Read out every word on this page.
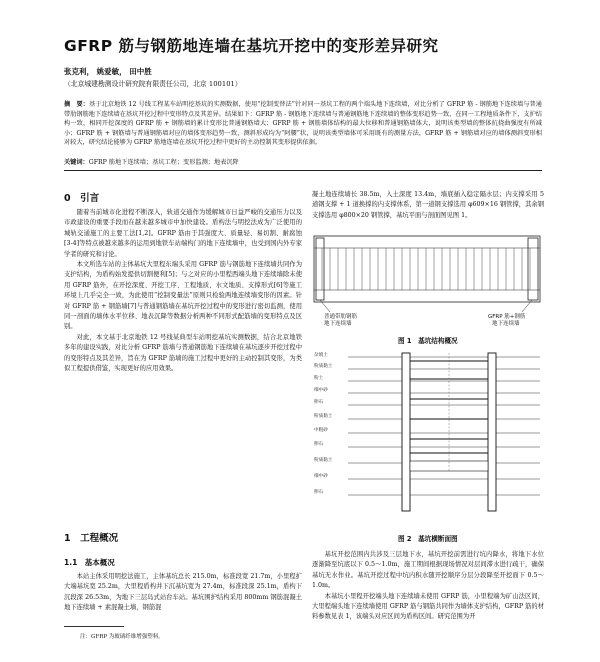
GFRP 筋与钢筋地连墙在基坑开挖中的变形差异研究
张克利， 姚爱敏， 田中胜
（北京城建勘测设计研究院有限责任公司，北京 100101）
摘　要：基于北京地铁 12 号线工程某车站明挖基坑的实测数据，使用“挖制变替法”针对同一基坑工程的两个端头地下连续墙，对比分析了 GFRP 筋 - 钢筋地下连续墙与普通带肋钢筋地下连续墙在基坑开挖过程中变形特点及其差异。结果如下：GFRP 筋 - 钢筋地下连续墙与普通钢筋地下连续墙的整体变形趋势一致，在同一工程地质条件下，支护结构一致，相同开挖深度的 GFRP 筋 + 钢筋墙的累计变形比普通钢筋墙大；GFRP 筋 + 钢筋墙体结构的最大位移和普通钢筋墙体大，说明该类型墙的整体抗挠曲强度有所减小；GFRP 筋 + 钢筋墙与普通钢筋墙对应的墙体变形趋势一致，测斜形成均为“阿腰”状，说明该类型墙体可采用既有的测量方法，GFRP 筋 + 钢筋墙对应的墙体测斜变形相对较大，研究结论能够为 GFRP 筋地连墙在基坑开挖过程中更好的主动控制其变形提供依据。
关键词：GFRP 筋地下连续墙；基坑工程；变形监测；地表沉降
0　引言

随着当前城市化进程不断深入，轨道交通作为缓解城市日益严峻的交通压力以及市政建设的重要手段而在越来越多城市中加快建设。盾构法与明挖法成为广泛使用的城轨交通施工的主要工法[1,2]。GFRP 筋由于其强度大、质量轻、易切割、耐腐蚀[3-4]等特点被越来越多的运用到地铁车站端构门的地下连续墙中，也受到国内外专家学者的研究和讨论。

本文所选车站的主体基坑大里程东端头采用 GFRP 筋与钢筋地下连续墙共同作为支护结构，为盾构始发提供切割便利[5]；与之对应的小里程西端头地下连续墙除未使用 GFRP 筋外，在开挖深度、开挖工序、工程地质、水文地质、支撑形式[6]等施工环境上几乎完全一致，为此使用“挖制变量法”原则只检验两地连续墙变形的因素。针对 GFRP 筋 + 钢筋墙[7]与普通钢筋墙在基坑开挖过程中的变形进行密切监测，使用同一剖面的墙体水平位移、地表沉降等数据分析两种不同形式配筋墙的变形特点及区别。

对此，本文基于北京地铁 12 号线某典型车站明挖基坑实测数据，结合北京地铁多年的建设实践，对比分析 GFRP 筋墙与普通钢筋地下连续墙在基坑逐步开挖过程中的变形特点及其差异，旨在为 GFRP 筋墙的施工过程中更好的主动控制其变形，为类似工程提供借鉴，实现更好的应用效果。

1　工程概况
1.1　基本概况

本站主体采用明挖法施工，主体基坑总长 215.0m，标准段宽 21.7m，小里程扩大端基坑宽 25.2m，大里程盾构井下沉基坑宽为 27.4m，标准段深 25.1m，盾构下沉段深 26.53m，为地下三层岛式站台车站。基坑围护结构采用 800mm 钢筋混凝土地下连续墙 + 素混凝土墙，钢筋混

注：GFRP 为玻璃纤维增强塑料。

凝土地连续墙长 38.5m，入土深度 13.4m，墙底插入稳定隔水层；内支撑采用 5 道钢支撑 + 1 道换撑的内支撑体系，第一道钢支撑选用 φ609×16 钢管撑，其余钢支撑选用 φ800×20 钢管撑，基坑平面与剖面图见图 1。

普通带肋钢筋地下连续墙
GFRP 筋+钢筋地下连续墙
图 1　基坑结构概况
杂填土
粉质黏土
粉土
细中砂
卵石
粉质黏土
中粗砂
卵石
粉质黏土
细中砂
卵石
图 2　基坑横断面图

基坑开挖范围内共涉及三层地下水，基坑开挖前需进行坑内降水，将地下水位逐渐降至坑底以下 0.5～1.0m，施工期间根据现场情况对层间滞水进行疏干，确保基坑无水作业。基坑开挖过程中坑内积水随开挖顺序分层分段降至开挖面下 0.5～1.0m。

本基坑小里程开挖端头地下连续墙未使用 GFRP 筋，小里程端为矿山法区间，大里程端头地下连续墙使用 GFRP 筋与钢筋共同作为墙体支护结构，GFRP 筋的材料参数见表 1，该端头对应区间为盾构区间。研究范围为开
